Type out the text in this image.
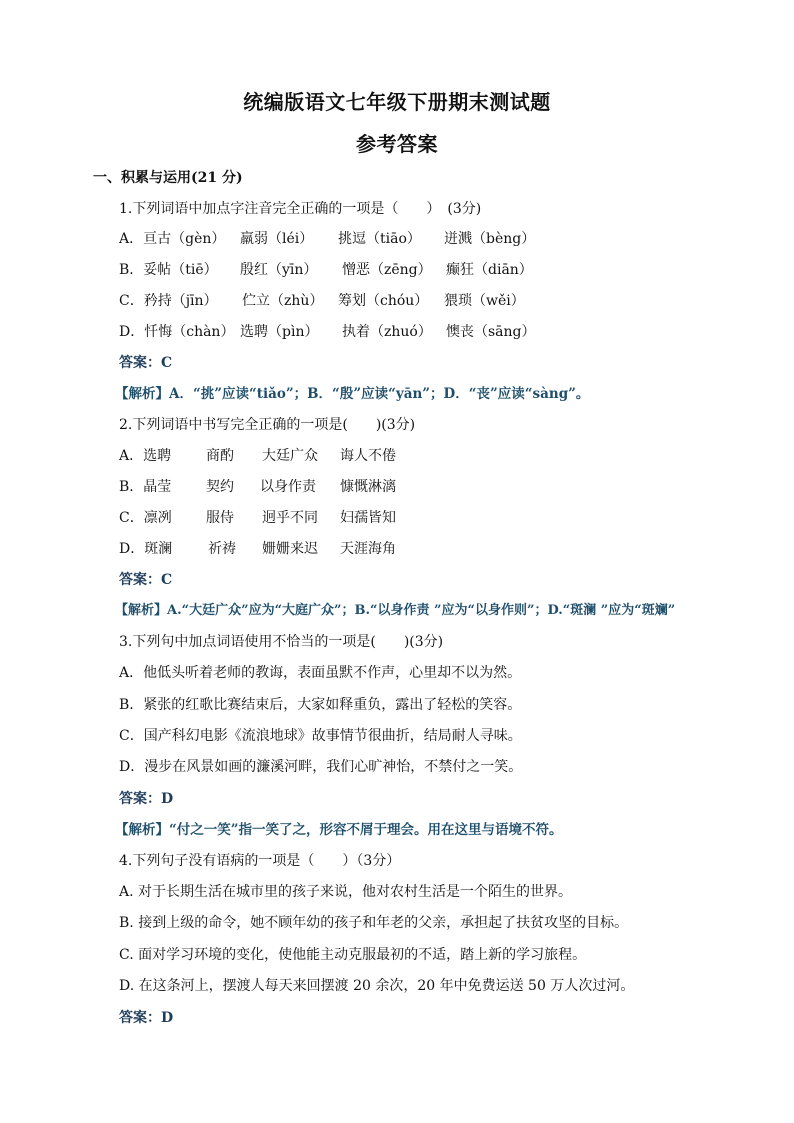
统编版语文七年级下册期末测试题
参考答案
一、积累与运用(21 分)
1.下列词语中加点字注音完全正确的一项是（　　）　(3分)
A．亘古（gèn） 羸弱（léi） 挑逗（tiāo） 迸溅（bèng）
B．妥帖（tiē） 殷红（yīn） 憎恶（zēng） 癫狂（diān）
C．矜持（jīn） 伫立（zhù） 筹划（chóu） 猥琐（wěi）
D．忏悔（chàn） 选聘（pìn） 执着（zhuó） 懊丧（sāng）
答案：C
【解析】A．“挑”应读“tiǎo”；B．“殷”应读“yān”；D．“丧”应读“sàng”。
2.下列词语中书写完全正确的一项是(　　)(3分)
A．选聘 商酌 大廷广众 诲人不倦
B．晶莹 契约 以身作责 慷慨淋漓
C．凛冽 服侍 迥乎不同 妇孺皆知
D．斑澜	祈祷 姗姗来迟 天涯海角
答案：C
【解析】A.“大廷广众”应为“大庭广众”；B.“以身作责 ”应为“以身作则”；D.“斑澜 ”应为“斑斓”
3.下列句中加点词语使用不恰当的一项是(　　)(3分)
A．他低头听着老师的教诲，表面虽默不作声，心里却不以为然。
B．紧张的红歌比赛结束后，大家如释重负，露出了轻松的笑容。
C．国产科幻电影《流浪地球》故事情节很曲折，结局耐人寻味。
D．漫步在风景如画的濂溪河畔，我们心旷神怡，不禁付之一笑。
答案：D
【解析】“付之一笑”指一笑了之，形容不屑于理会。用在这里与语境不符。
4.下列句子没有语病的一项是（　　）（3分）
A. 对于长期生活在城市里的孩子来说，他对农村生活是一个陌生的世界。
B. 接到上级的命令，她不顾年幼的孩子和年老的父亲，承担起了扶贫攻坚的目标。
C. 面对学习环境的变化，使他能主动克服最初的不适，踏上新的学习旅程。
D. 在这条河上，摆渡人每天来回摆渡 20 余次，20 年中免费运送 50 万人次过河。
答案：D
